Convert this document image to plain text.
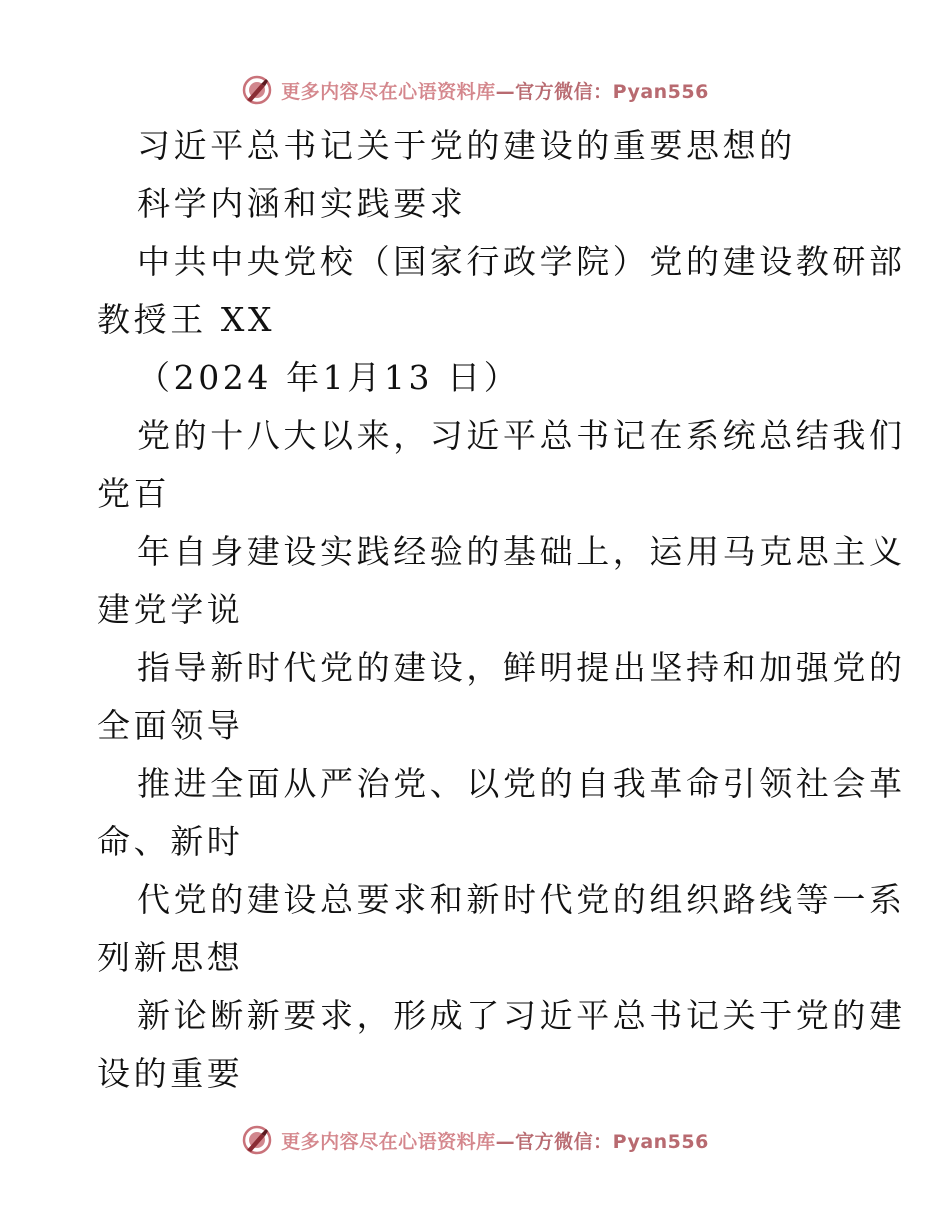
更多内容尽在心语资料库—官方微信：Pyan556

习近平总书记关于党的建设的重要思想的

科学内涵和实践要求

中共中央党校（国家行政学院）党的建设教研部

教授王 XX

（2024 年1月13 日）

党的十八大以来，习近平总书记在系统总结我们

党百

年自身建设实践经验的基础上，运用马克思主义

建党学说

指导新时代党的建设，鲜明提出坚持和加强党的

全面领导

推进全面从严治党、以党的自我革命引领社会革

命、新时

代党的建设总要求和新时代党的组织路线等一系

列新思想

新论断新要求，形成了习近平总书记关于党的建

设的重要

更多内容尽在心语资料库—官方微信：Pyan556
